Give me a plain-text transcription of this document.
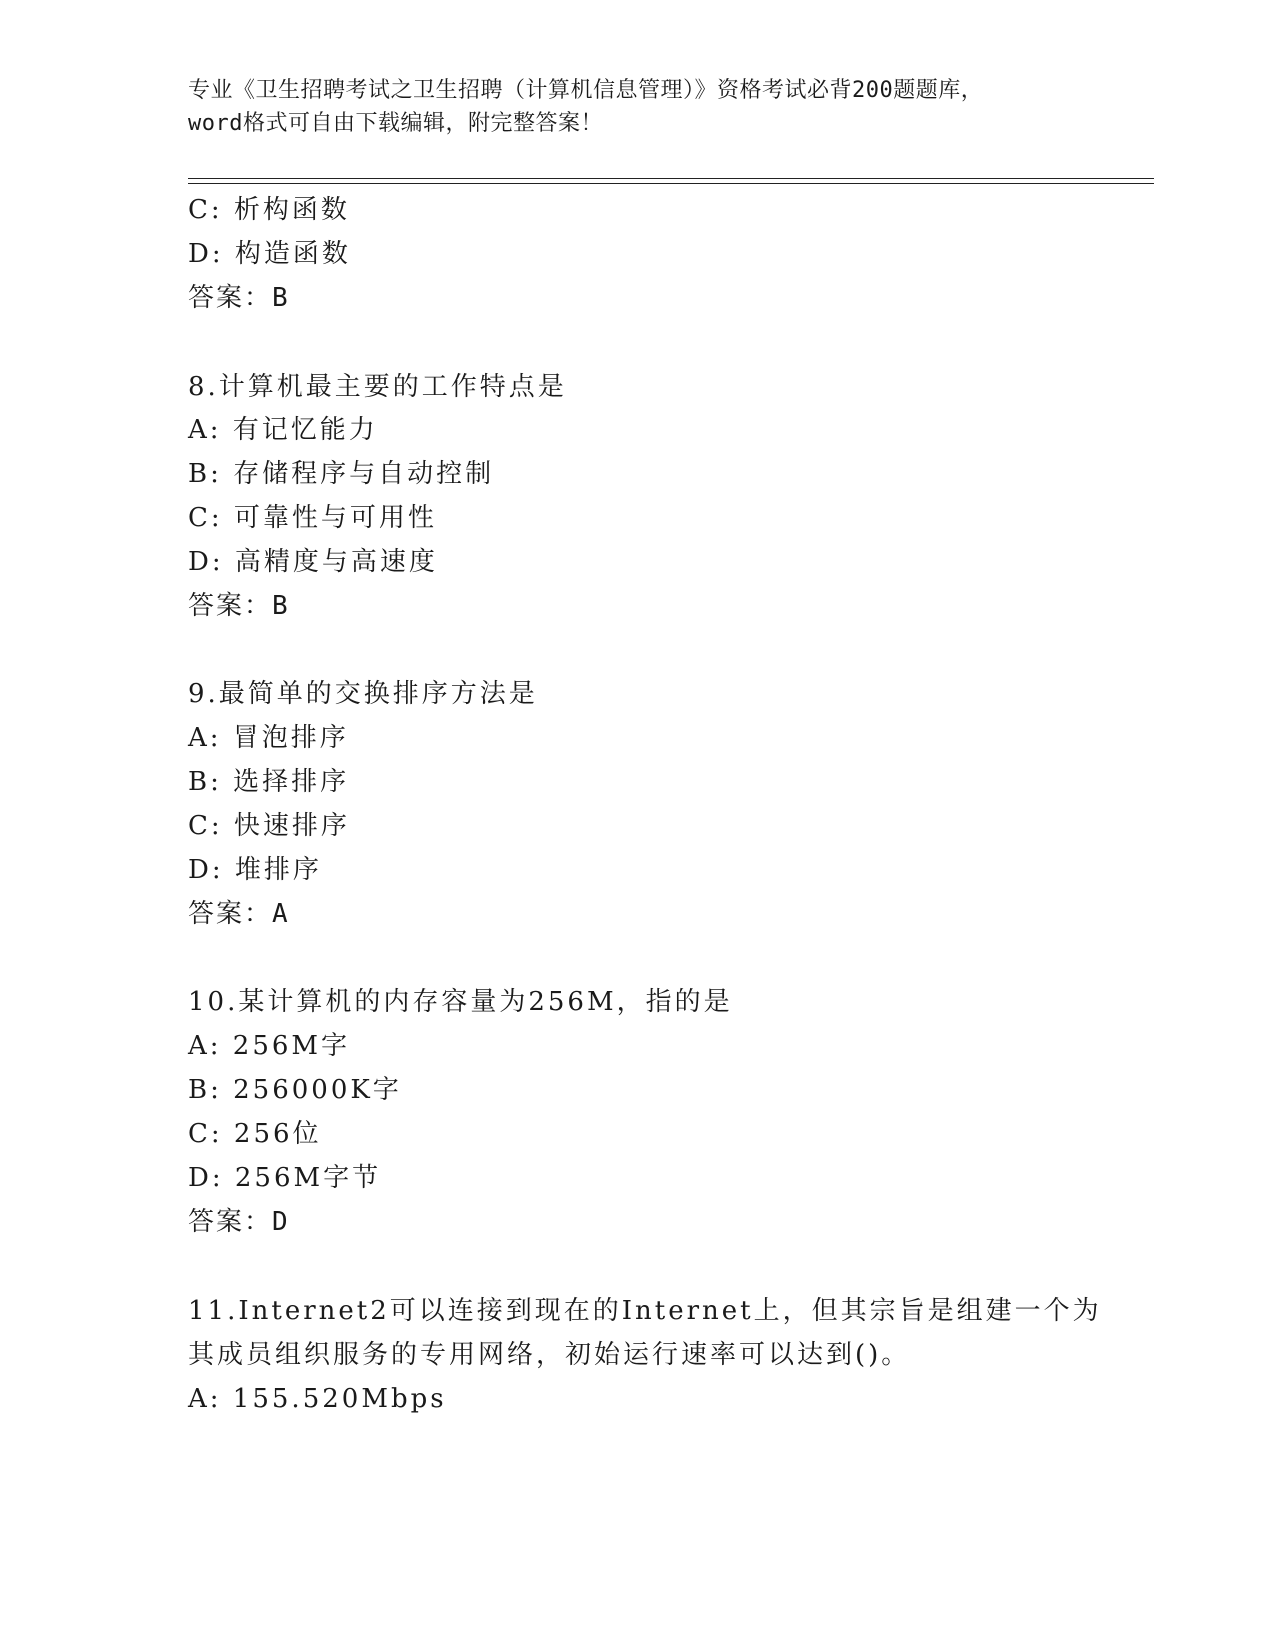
专业《卫生招聘考试之卫生招聘（计算机信息管理）》资格考试必背200题题库，
word格式可自由下载编辑，附完整答案！
C: 析构函数
D: 构造函数
答案：B
8.计算机最主要的工作特点是
A: 有记忆能力
B: 存储程序与自动控制
C: 可靠性与可用性
D: 高精度与高速度
答案：B
9.最简单的交换排序方法是
A: 冒泡排序
B: 选择排序
C: 快速排序
D: 堆排序
答案：A
10.某计算机的内存容量为256M，指的是
A: 256M字
B: 256000K字
C: 256位
D: 256M字节
答案：D
11.Internet2可以连接到现在的Internet上，但其宗旨是组建一个为
其成员组织服务的专用网络，初始运行速率可以达到()。
A: 155.520Mbps
